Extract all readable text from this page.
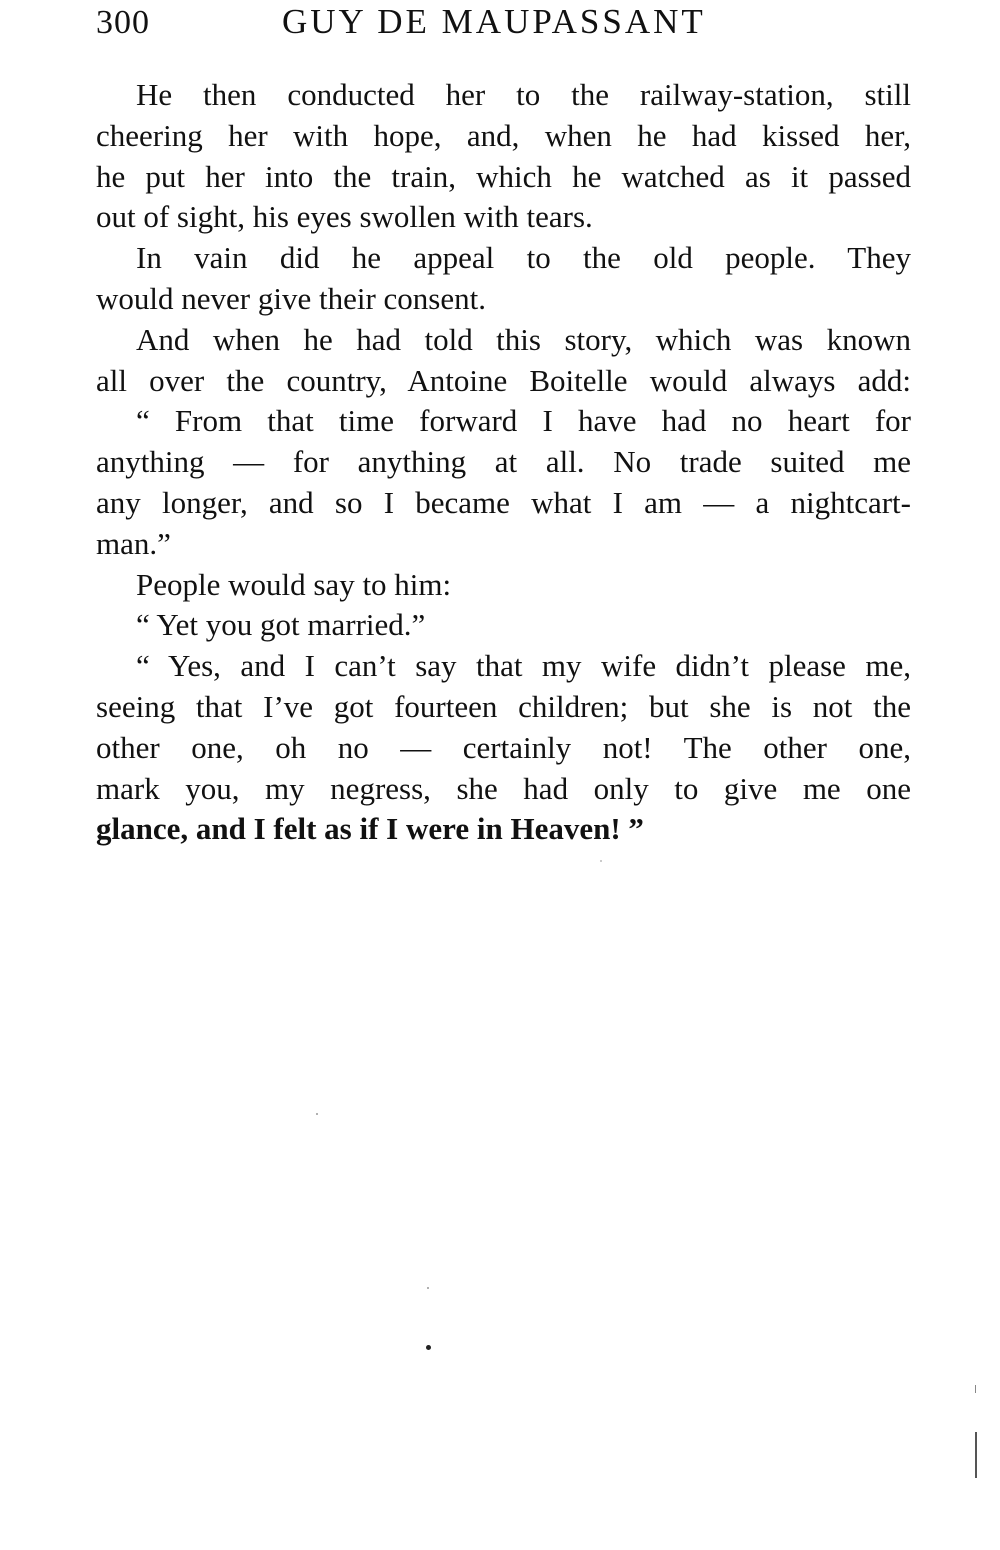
300	GUY DE MAUPASSANT

He then conducted her to the railway-station, still
cheering her with hope, and, when he had kissed her,
he put her into the train, which he watched as it passed
out of sight, his eyes swollen with tears.

In vain did he appeal to the old people. They
would never give their consent.

And when he had told this story, which was known
all over the country, Antoine Boitelle would always add:

“ From that time forward I have had no heart for
anything — for anything at all. No trade suited me
any longer, and so I became what I am — a nightcart-
man.”

People would say to him:

“ Yet you got married.”

“ Yes, and I can’t say that my wife didn’t please me,
seeing that I’ve got fourteen children; but she is not the
other one, oh no — certainly not! The other one,
mark you, my negress, she had only to give me one
glance, and I felt as if I were in Heaven! ”
